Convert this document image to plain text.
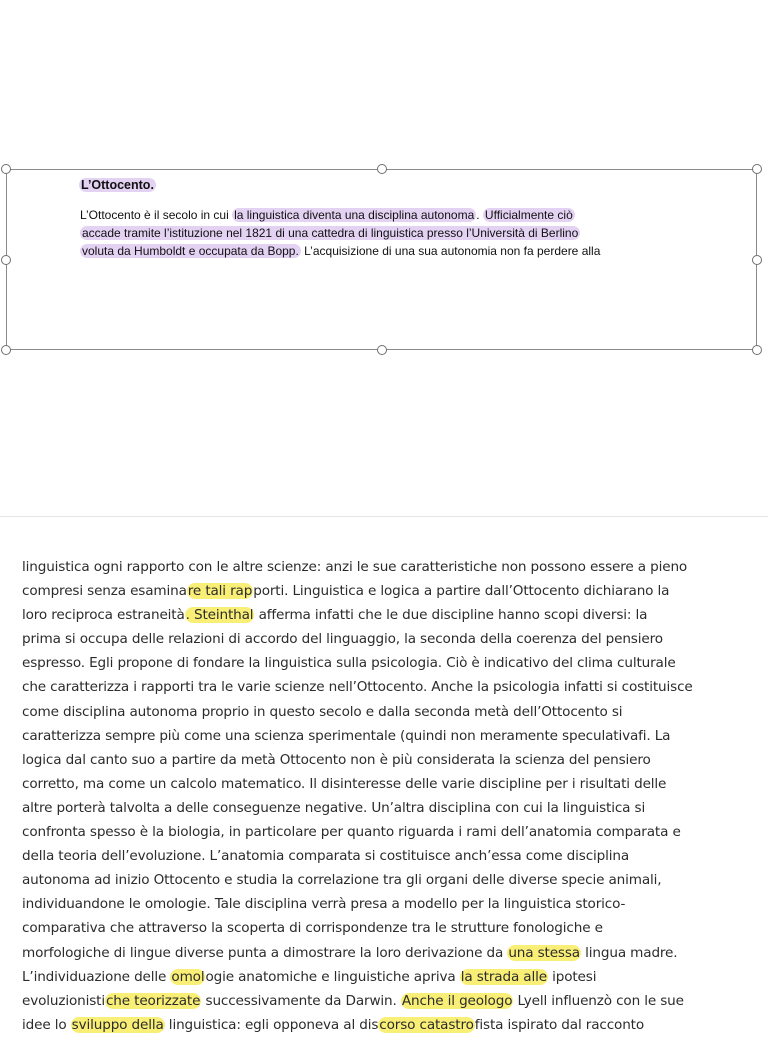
L’Ottocento.
L’Ottocento è il secolo in cui la linguistica diventa una disciplina autonoma . Ufficialmente ciò
accade tramite l’istituzione nel 1821 di una cattedra di linguistica presso l’Università di Berlino
voluta da Humboldt e occupata da Bopp. L’acquisizione di una sua autonomia non fa perdere alla
linguistica ogni rapporto con le altre scienze: anzi le sue caratteristiche non possono essere a pieno
compresi senza esaminare tali rapporti. Linguistica e logica a partire dall’Ottocento dichiarano la
loro reciproca estraneità. Steinthal afferma infatti che le due discipline hanno scopi diversi: la
prima si occupa delle relazioni di accordo del linguaggio, la seconda della coerenza del pensiero
espresso. Egli propone di fondare la linguistica sulla psicologia. Ciò è indicativo del clima culturale
che caratterizza i rapporti tra le varie scienze nell’Ottocento. Anche la psicologia infatti si costituisce
come disciplina autonoma proprio in questo secolo e dalla seconda metà dell’Ottocento si
caratterizza sempre più come una scienza sperimentale (quindi non meramente speculativafi. La
logica dal canto suo a partire da metà Ottocento non è più considerata la scienza del pensiero
corretto, ma come un calcolo matematico. Il disinteresse delle varie discipline per i risultati delle
altre porterà talvolta a delle conseguenze negative. Un’altra disciplina con cui la linguistica si
confronta spesso è la biologia, in particolare per quanto riguarda i rami dell’anatomia comparata e
della teoria dell’evoluzione. L’anatomia comparata si costituisce anch’essa come disciplina
autonoma ad inizio Ottocento e studia la correlazione tra gli organi delle diverse specie animali,
individuandone le omologie. Tale disciplina verrà presa a modello per la linguistica storico-
comparativa che attraverso la scoperta di corrispondenze tra le strutture fonologiche e
morfologiche di lingue diverse punta a dimostrare la loro derivazione da una stessa lingua madre.
L’individuazione delle omologie anatomiche e linguistiche apriva la strada alle ipotesi
evoluzionistiche teorizzate successivamente da Darwin. Anche il geologo Lyell influenzò con le sue
idee lo sviluppo della linguistica: egli opponeva al discorso catastrofista ispirato dal racconto
